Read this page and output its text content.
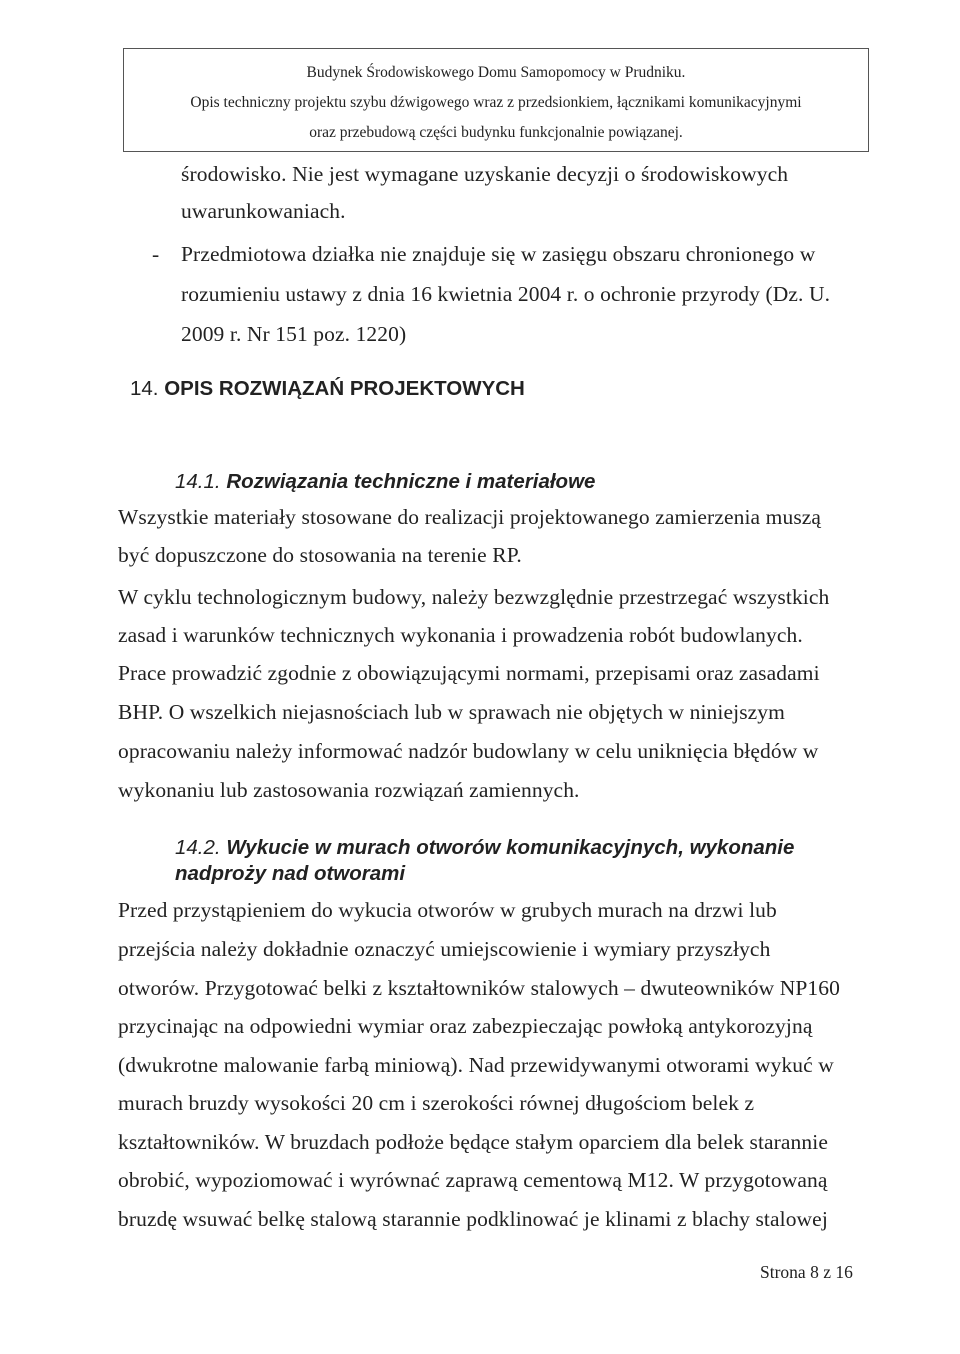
Budynek Środowiskowego Domu Samopomocy w Prudniku.
Opis techniczny projektu szybu dźwigowego wraz z przedsionkiem, łącznikami komunikacyjnymi
oraz przebudową części budynku funkcjonalnie powiązanej.
środowisko. Nie jest wymagane uzyskanie decyzji o środowiskowych
uwarunkowaniach.
- Przedmiotowa działka nie znajduje się w zasięgu obszaru chronionego w
rozumieniu ustawy z dnia 16 kwietnia 2004 r. o ochronie przyrody (Dz. U.
2009 r. Nr 151 poz. 1220)
14. OPIS ROZWIĄZAŃ PROJEKTOWYCH
14.1. Rozwiązania techniczne i materiałowe
Wszystkie materiały stosowane do realizacji projektowanego zamierzenia muszą
być dopuszczone do stosowania na terenie RP.
W cyklu technologicznym budowy, należy bezwzględnie przestrzegać wszystkich
zasad i warunków technicznych wykonania i prowadzenia robót budowlanych.
Prace prowadzić zgodnie z obowiązującymi normami, przepisami oraz zasadami
BHP. O wszelkich niejasnościach lub w sprawach nie objętych w niniejszym
opracowaniu należy informować nadzór budowlany w celu uniknięcia błędów w
wykonaniu lub zastosowania rozwiązań zamiennych.
14.2. Wykucie w murach otworów komunikacyjnych, wykonanie
nadproży nad otworami
Przed przystąpieniem do wykucia otworów w grubych murach na drzwi lub
przejścia należy dokładnie oznaczyć umiejscowienie i wymiary przyszłych
otworów. Przygotować belki z kształtowników stalowych – dwuteowników NP160
przycinając na odpowiedni wymiar oraz zabezpieczając powłoką antykorozyjną
(dwukrotne malowanie farbą miniową). Nad przewidywanymi otworami wykuć w
murach bruzdy wysokości 20 cm i szerokości równej długościom belek z
kształtowników. W bruzdach podłoże będące stałym oparciem dla belek starannie
obrobić, wypoziomować i wyrównać zaprawą cementową M12. W przygotowaną
bruzdę wsuwać belkę stalową starannie podklinować je klinami z blachy stalowej
Strona 8 z 16
